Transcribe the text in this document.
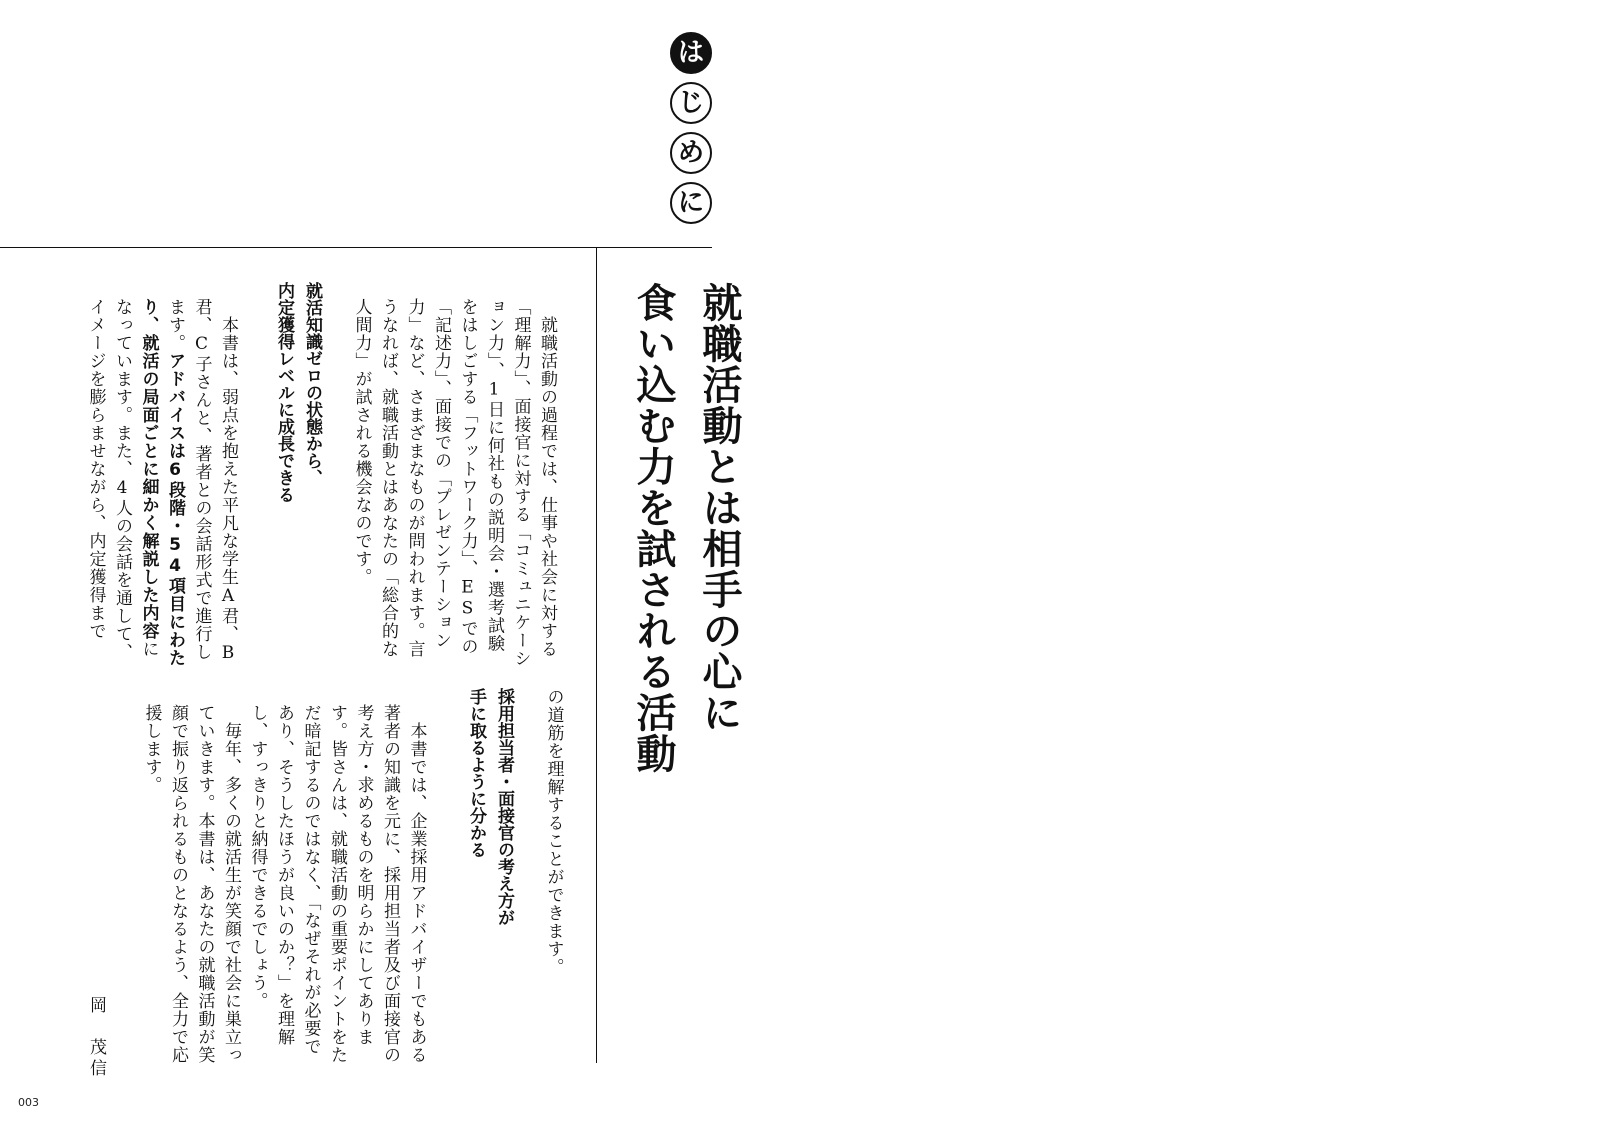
は
じ
め
に

就職活動とは相手の心に
食い込む力を試される活動

　就職活動の過程では、仕事や社会に対する「理解力」、面接官に対する「コミュニケーション力」、1日に何社もの説明会・選考試験をはしごする「フットワーク力」、ESでの「記述力」、面接での「プレゼンテーション力」など、さまざまなものが問われます。言うなれば、就職活動とはあなたの「総合的な人間力」が試される機会なのです。

就活知識ゼロの状態から、
内定獲得レベルに成長できる

　本書は、弱点を抱えた平凡な学生A君、B君、C子さんと、著者との会話形式で進行します。アドバイスは6段階・54項目にわたり、就活の局面ごとに細かく解説した内容になっています。また、4人の会話を通して、イメージを膨らませながら、内定獲得まで

の道筋を理解することができます。

採用担当者・面接官の考え方が
手に取るように分かる

　本書では、企業採用アドバイザーでもある著者の知識を元に、採用担当者及び面接官の考え方・求めるものを明らかにしてあります。皆さんは、就職活動の重要ポイントをただ暗記するのではなく、「なぜそれが必要であり、そうしたほうが良いのか？」を理解し、すっきりと納得できるでしょう。
　毎年、多くの就活生が笑顔で社会に巣立っていきます。本書は、あなたの就職活動が笑顔で振り返られるものとなるよう、全力で応援します。

岡　茂信
003
